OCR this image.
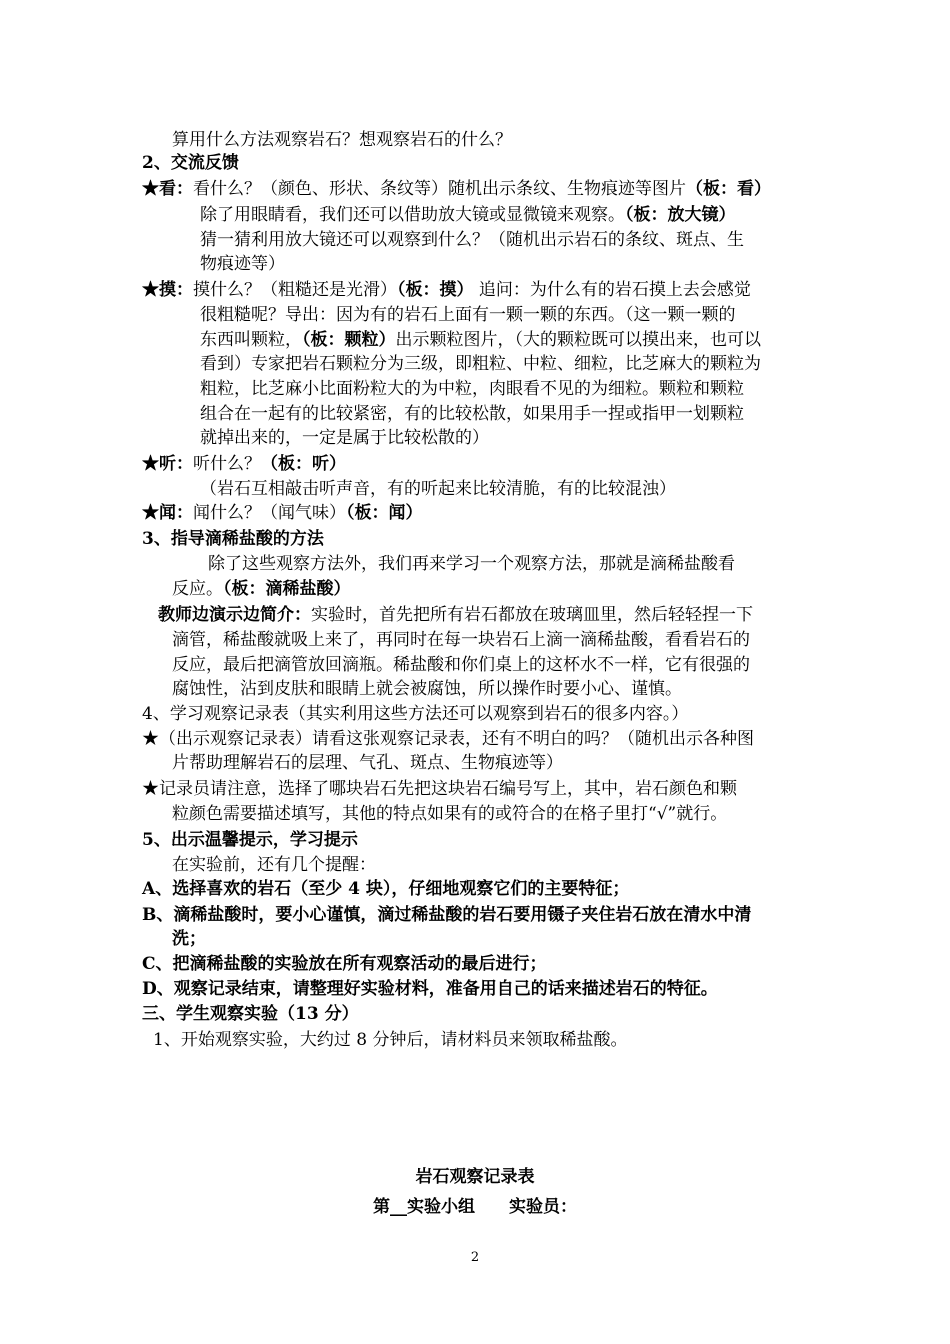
算用什么方法观察岩石？想观察岩石的什么？
2、交流反馈
★看：看什么？（颜色、形状、条纹等）随机出示条纹、生物痕迹等图片（板：看）
除了用眼睛看，我们还可以借助放大镜或显微镜来观察。（板：放大镜）
猜一猜利用放大镜还可以观察到什么？（随机出示岩石的条纹、斑点、生
物痕迹等）
★摸：摸什么？（粗糙还是光滑）（板：摸） 追问：为什么有的岩石摸上去会感觉
很粗糙呢？导出：因为有的岩石上面有一颗一颗的东西。（这一颗一颗的
东西叫颗粒，（板：颗粒）出示颗粒图片，（大的颗粒既可以摸出来，也可以
看到）专家把岩石颗粒分为三级，即粗粒、中粒、细粒，比芝麻大的颗粒为
粗粒，比芝麻小比面粉粒大的为中粒，肉眼看不见的为细粒。颗粒和颗粒
组合在一起有的比较紧密，有的比较松散，如果用手一捏或指甲一划颗粒
就掉出来的，一定是属于比较松散的）
★听：听什么？（板：听）
（岩石互相敲击听声音，有的听起来比较清脆，有的比较混浊）
★闻：闻什么？（闻气味）（板：闻）
3、指导滴稀盐酸的方法
除了这些观察方法外，我们再来学习一个观察方法，那就是滴稀盐酸看
反应。（板：滴稀盐酸）
教师边演示边简介：实验时，首先把所有岩石都放在玻璃皿里，然后轻轻捏一下
滴管，稀盐酸就吸上来了，再同时在每一块岩石上滴一滴稀盐酸，看看岩石的
反应，最后把滴管放回滴瓶。稀盐酸和你们桌上的这杯水不一样，它有很强的
腐蚀性，沾到皮肤和眼睛上就会被腐蚀，所以操作时要小心、谨慎。
4、学习观察记录表（其实利用这些方法还可以观察到岩石的很多内容。）
★（出示观察记录表）请看这张观察记录表，还有不明白的吗？（随机出示各种图
片帮助理解岩石的层理、气孔、斑点、生物痕迹等）
★记录员请注意，选择了哪块岩石先把这块岩石编号写上，其中，岩石颜色和颗
粒颜色需要描述填写，其他的特点如果有的或符合的在格子里打“√”就行。
5、出示温馨提示，学习提示
在实验前，还有几个提醒：
A、选择喜欢的岩石（至少 4 块），仔细地观察它们的主要特征；
B、滴稀盐酸时，要小心谨慎，滴过稀盐酸的岩石要用镊子夹住岩石放在清水中清
洗；
C、把滴稀盐酸的实验放在所有观察活动的最后进行；
D、观察记录结束，请整理好实验材料，准备用自己的话来描述岩石的特征。
三、学生观察实验（13 分）
1、开始观察实验，大约过 8 分钟后，请材料员来领取稀盐酸。
岩石观察记录表
第__实验小组　　实验员：
2
